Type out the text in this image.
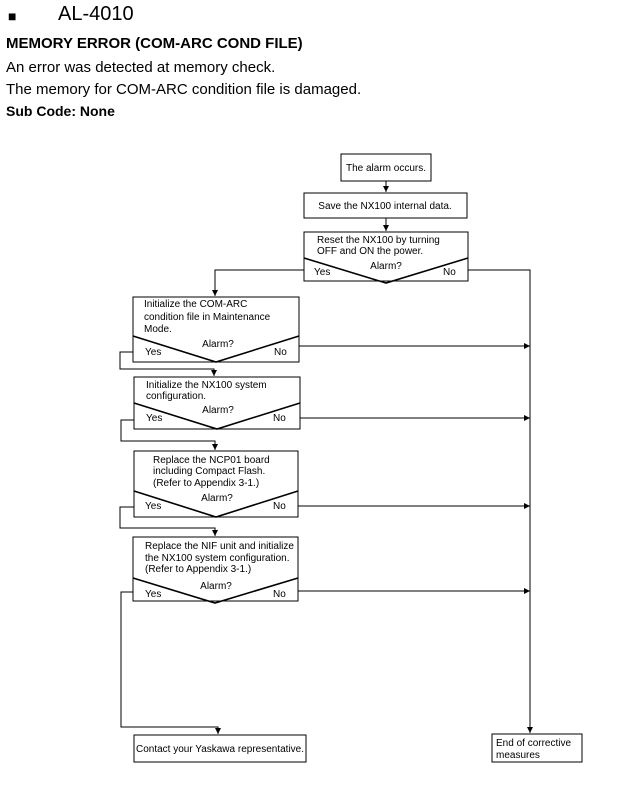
■ AL-4010
MEMORY ERROR (COM-ARC COND FILE)
An error was detected at memory check.
The memory for COM-ARC condition file is damaged.
Sub Code: None
The alarm occurs.
Save the NX100 internal data.
Reset the NX100 by turning
OFF and ON the power.
Alarm?
Yes	No
Initialize the COM-ARC
condition file in Maintenance
Mode.
Alarm?
Yes	No
Initialize the NX100 system
configuration.
Alarm?
Yes	No
Replace the NCP01 board
including Compact Flash.
(Refer to Appendix 3-1.)
Alarm?
Yes	No
Replace the NIF unit and initialize
the NX100 system configuration.
(Refer to Appendix 3-1.)
Alarm?
Yes	No
Contact your Yaskawa representative.
End of corrective
measures
